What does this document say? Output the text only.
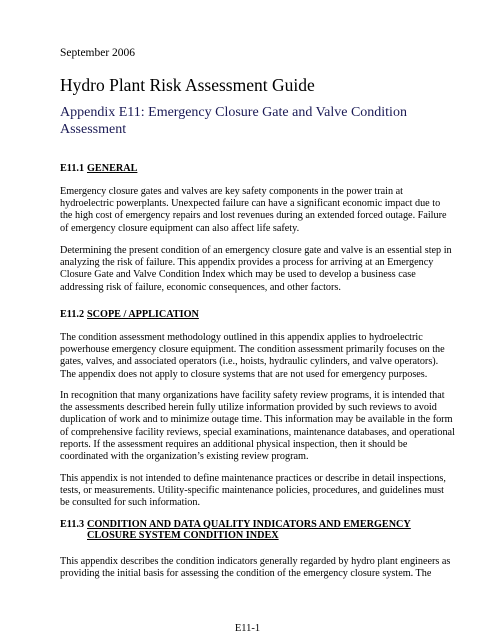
September 2006
Hydro Plant Risk Assessment Guide
Appendix E11: Emergency Closure Gate and Valve Condition
Assessment
E11.1 GENERAL
Emergency closure gates and valves are key safety components in the power train at
hydroelectric powerplants. Unexpected failure can have a significant economic impact due to
the high cost of emergency repairs and lost revenues during an extended forced outage. Failure
of emergency closure equipment can also affect life safety.
Determining the present condition of an emergency closure gate and valve is an essential step in
analyzing the risk of failure. This appendix provides a process for arriving at an Emergency
Closure Gate and Valve Condition Index which may be used to develop a business case
addressing risk of failure, economic consequences, and other factors.
E11.2 SCOPE / APPLICATION
The condition assessment methodology outlined in this appendix applies to hydroelectric
powerhouse emergency closure equipment. The condition assessment primarily focuses on the
gates, valves, and associated operators (i.e., hoists, hydraulic cylinders, and valve operators).
The appendix does not apply to closure systems that are not used for emergency purposes.
In recognition that many organizations have facility safety review programs, it is intended that
the assessments described herein fully utilize information provided by such reviews to avoid
duplication of work and to minimize outage time. This information may be available in the form
of comprehensive facility reviews, special examinations, maintenance databases, and operational
reports. If the assessment requires an additional physical inspection, then it should be
coordinated with the organization’s existing review program.
This appendix is not intended to define maintenance practices or describe in detail inspections,
tests, or measurements. Utility-specific maintenance policies, procedures, and guidelines must
be consulted for such information.
E11.3 CONDITION AND DATA QUALITY INDICATORS AND EMERGENCY
CLOSURE SYSTEM CONDITION INDEX
This appendix describes the condition indicators generally regarded by hydro plant engineers as
providing the initial basis for assessing the condition of the emergency closure system. The
E11-1
